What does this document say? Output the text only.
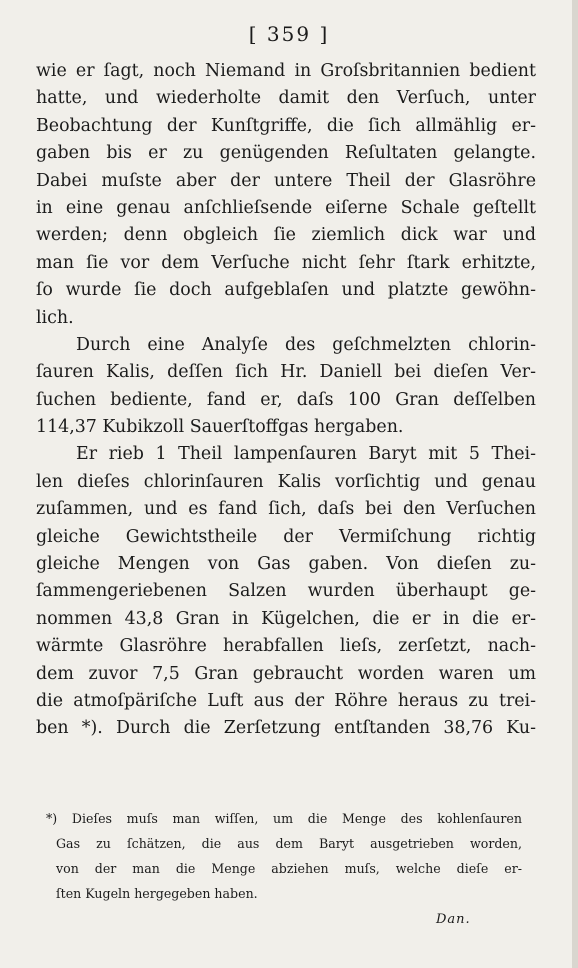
[ 359 ]
wie er ſagt, noch Niemand in Groſsbritannien bedient
hatte, und wiederholte damit den Verſuch, unter
Beobachtung der Kunſtgriffe, die ſich allmählig er-
gaben bis er zu genügenden Reſultaten gelangte.
Dabei muſste aber der untere Theil der Glasröhre
in eine genau anſchlieſsende eiſerne Schale geſtellt
werden; denn obgleich ſie ziemlich dick war und
man ſie vor dem Verſuche nicht ſehr ſtark erhitzte,
ſo wurde ſie doch aufgeblaſen und platzte gewöhn-
lich.
Durch eine Analyſe des geſchmelzten chlorin-
ſauren Kalis, deſſen ſich Hr. Daniell bei dieſen Ver-
ſuchen bediente, fand er, daſs 100 Gran deſſelben
114,37 Kubikzoll Sauerſtoffgas hergaben.
Er rieb 1 Theil lampenſauren Baryt mit 5 Thei-
len dieſes chlorinſauren Kalis vorſichtig und genau
zuſammen, und es fand ſich, daſs bei den Verſuchen
gleiche Gewichtstheile der Vermiſchung richtig
gleiche Mengen von Gas gaben. Von dieſen zu-
ſammengeriebenen Salzen wurden überhaupt ge-
nommen 43,8 Gran in Kügelchen, die er in die er-
wärmte Glasröhre herabfallen lieſs, zerſetzt, nach-
dem zuvor 7,5 Gran gebraucht worden waren um
die atmoſpäriſche Luft aus der Röhre heraus zu trei-
ben *). Durch die Zerſetzung entſtanden 38,76 Ku-
*) Dieſes muſs man wiſſen, um die Menge des kohlenſauren
Gas zu ſchätzen, die aus dem Baryt ausgetrieben worden,
von der man die Menge abziehen muſs, welche dieſe er-
ſten Kugeln hergegeben haben.
Dan.
